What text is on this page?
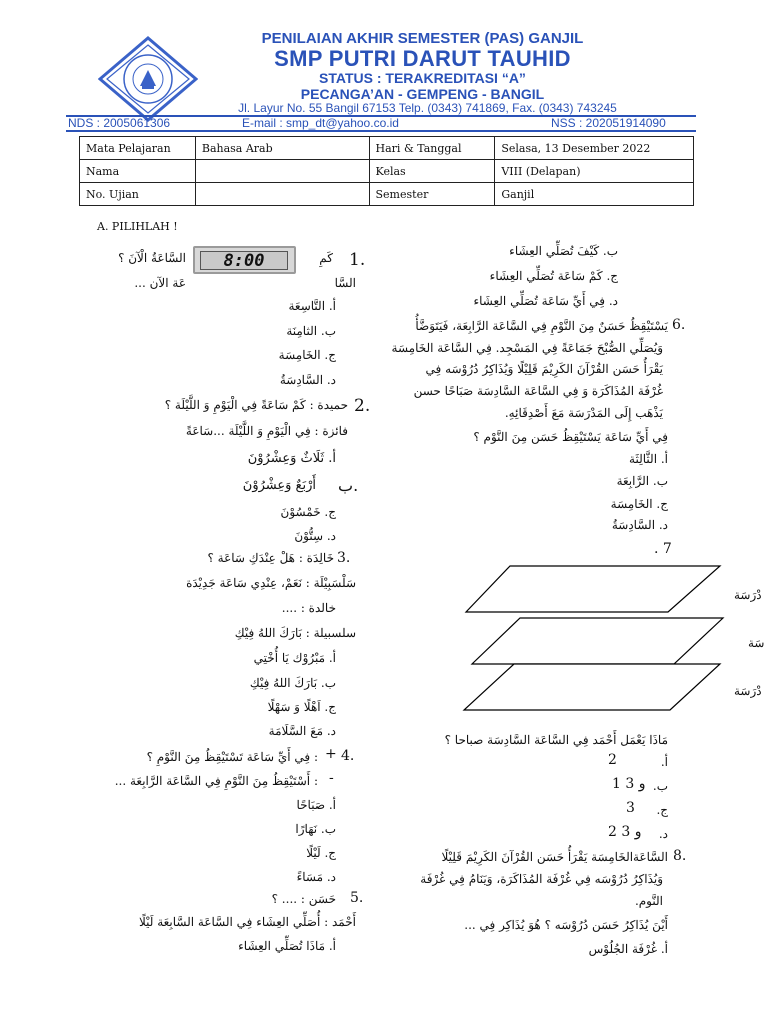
PENILAIAN AKHIR SEMESTER (PAS) GANJIL
SMP PUTRI DARUT TAUHID
STATUS : TERAKREDITASI “A”
PECANGA’AN - GEMPENG - BANGIL
Jl. Layur No. 55 Bangil 67153 Telp. (0343) 741869, Fax. (0343) 743245
NDS : 2005061306	E-mail : smp_dt@yahoo.co.id	NSS : 202051914090
Mata Pelajaran	Bahasa Arab	Hari & Tanggal	Selasa, 13 Desember 2022
Nama		Kelas	VIII (Delapan)
No. Ujian		Semester	Ganjil
A. PILIHLAH !
1.
كَمِ
8:00
السَّاعَةُ الْآنَ ؟
السَّا
عَة الآن ...
أ. التَّاسِعَة
ب. الثامِنَة
ج. الخَامِسَة
د. السَّادِسَةُ
2.
حميدة : كَمْ سَاعَةً فِي الْيَوْمِ وَ اللَّيْلَة ؟
فائزة : فِي الْيَوْمِ وَ اللَّيْلَة ...سَاعَةً
أ. ثَلَاثٌ وَعِشْرُوْنَ
ب.
أَرْبَعٌ وَعِشْرُوْنَ
ج. خَمْسُوْنَ
د. سِتُّوْنَ
3.
خَالِدَة : هَلْ عِنْدَكِ سَاعَة ؟
سَلْسَبِيْلَة : نَعَمْ، عِنْدِي سَاعَة جَدِيْدَة
خالدة : ....
سلسبيلة : بَارَكَ اللهُ فِيْكِ
أ. مَبْرُوْك يَا أُخْتِي
ب. بَارَكَ اللهُ فِيْكِ
ج. اَهْلًا وَ سَهْلًا
د. مَعَ السَّلَامَة
4.
+
: فِي أَيِّ سَاعَة تَسْتَيْقِظُ مِنَ النَّوْمِ ؟
-
: أَسْتَيْقِظُ مِنَ النَّوْمِ فِي السَّاعَة الرَّابِعَة ...
أ. صَبَاحًا
ب. نَهَارًا
ج. لَيْلًا
د. مَسَاءً
5.
حَسَن : .... ؟
أَحْمَد : أُصَلِّي العِشَاء فِي السَّاعَة السَّابِعَة لَيْلًا
أ. مَاذَا تُصَلِّي العِشَاء
ب. كَيْفَ تُصَلِّي العِشَاء
ج. كَمْ سَاعَة تُصَلِّي العِشَاء
د. فِي أَيِّ سَاعَة تُصَلِّي العِشَاء
6.
يَسْتَيْقِظُ حَسَنٌ مِنَ النَّوْمِ فِي السَّاعَة الرَّابِعَة، فَيَتَوَضَّأُ
وَيُصَلِّي الصُّبْحَ جَمَاعَةً فِي المَسْجِد. فِي السَّاعَة الخَامِسَة
يَقْرَأُ حَسَن القُرْآنَ الكَرِيْمَ قَلِيْلًا وَيُذَاكِرُ دُرُوْسَه فِي
غُرْفَة المُذَاكَرَة وَ فِي السَّاعَة السَّادِسَة صَبَاحًا حسن
يَذْهَب إِلَى المَدْرَسَة مَعَ أَصْدِقَائِهِ.
فِي أَيِّ سَاعَة يَسْتَيْقِظُ حَسَن مِنَ النَّوْم ؟
أ. الثَّالِثَة
ب. الرَّابِعَة
ج. الخَامِسَة
د. السَّادِسَةُ
. 7
دْرَسَة
سَة
دْرَسَة
مَاذَا يَعْمَل أَحْمَد فِي السَّاعَة السَّادِسَة صباحا ؟
أ.
2
ب.
1 و 3
ج.
3
د.
2 و 3
8.
السَّاعَةالخَامِسَة يَقْرَأُ حَسَن القُرْآنَ الكَرِيْمَ قَلِيْلًا
وَيُذَاكِرُ دُرُوْسَه فِي غُرْفَة المُذَاكَرَة، وَيَنَامُ فِي غُرْفَة
النَّوم.
أَيْنَ يُذَاكِرُ حَسَن دُرُوْسَه ؟ هُوَ يُذَاكِر فِي ...
أ. غُرْفَة الجُلُوْس
